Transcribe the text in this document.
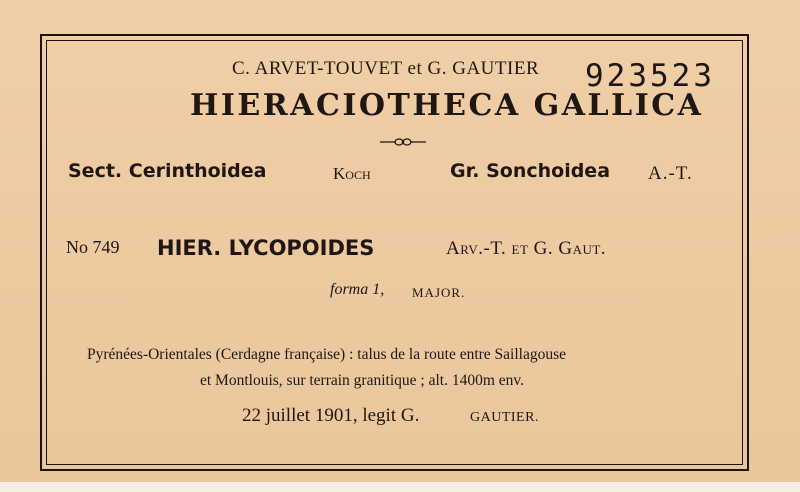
C. ARVET-TOUVET et G. GAUTIER 923523
HIERACIOTHECA GALLICA
Sect. Cerinthoidea	Koch	Gr. Sonchoidea A.-T.
No 749 HIER. LYCOPOIDES	Arv.-T. et G. Gaut.
forma 1, MAJOR.
Pyrénées-Orientales (Cerdagne française) : talus de la route entre Saillagouse
et Montlouis, sur terrain granitique ; alt. 1400m env.
22 juillet 1901, legit G.	GAUTIER.
